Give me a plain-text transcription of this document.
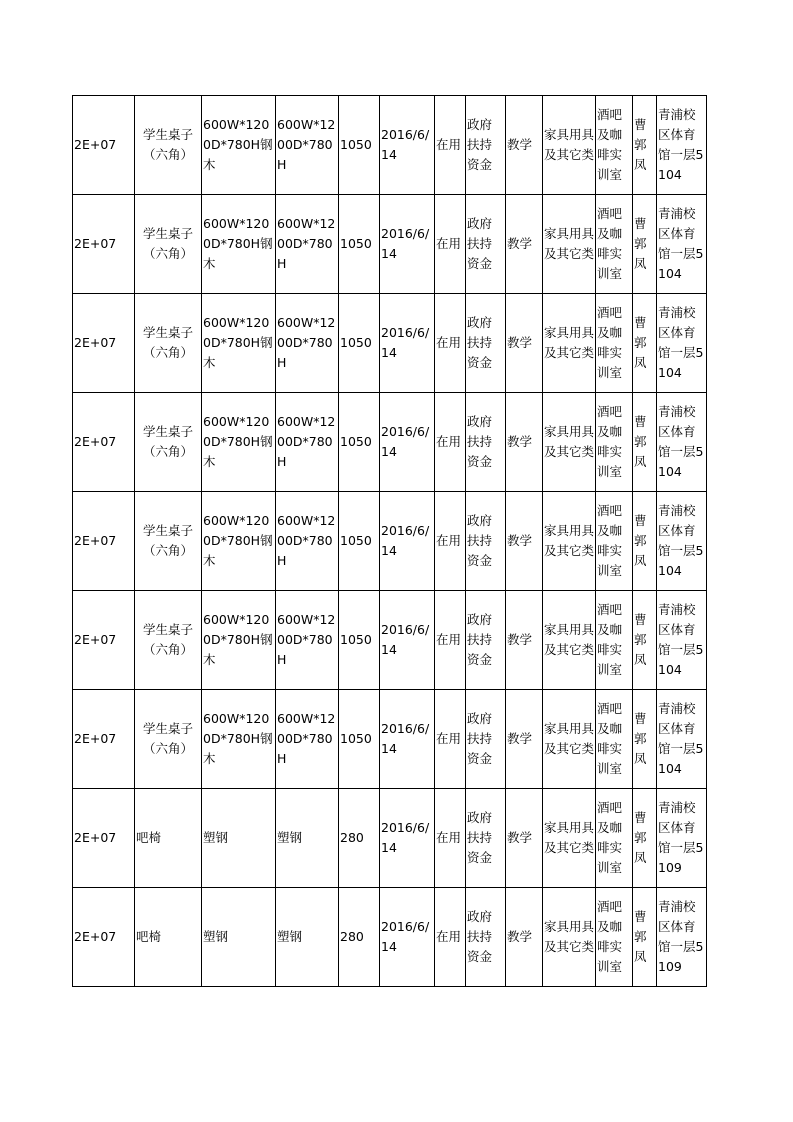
2E+07	学生桌子（六角）	600W*1200D*780H钢木	600W*1200D*780H	1050	2016/6/14	在用	政府扶持资金	教学	家具用具及其它类	酒吧及咖啡实训室	曹郭凤	青浦校区体育馆一层5104
2E+07	学生桌子（六角）	600W*1200D*780H钢木	600W*1200D*780H	1050	2016/6/14	在用	政府扶持资金	教学	家具用具及其它类	酒吧及咖啡实训室	曹郭凤	青浦校区体育馆一层5104
2E+07	学生桌子（六角）	600W*1200D*780H钢木	600W*1200D*780H	1050	2016/6/14	在用	政府扶持资金	教学	家具用具及其它类	酒吧及咖啡实训室	曹郭凤	青浦校区体育馆一层5104
2E+07	学生桌子（六角）	600W*1200D*780H钢木	600W*1200D*780H	1050	2016/6/14	在用	政府扶持资金	教学	家具用具及其它类	酒吧及咖啡实训室	曹郭凤	青浦校区体育馆一层5104
2E+07	学生桌子（六角）	600W*1200D*780H钢木	600W*1200D*780H	1050	2016/6/14	在用	政府扶持资金	教学	家具用具及其它类	酒吧及咖啡实训室	曹郭凤	青浦校区体育馆一层5104
2E+07	学生桌子（六角）	600W*1200D*780H钢木	600W*1200D*780H	1050	2016/6/14	在用	政府扶持资金	教学	家具用具及其它类	酒吧及咖啡实训室	曹郭凤	青浦校区体育馆一层5104
2E+07	学生桌子（六角）	600W*1200D*780H钢木	600W*1200D*780H	1050	2016/6/14	在用	政府扶持资金	教学	家具用具及其它类	酒吧及咖啡实训室	曹郭凤	青浦校区体育馆一层5104
2E+07	吧椅	塑钢	塑钢	280	2016/6/14	在用	政府扶持资金	教学	家具用具及其它类	酒吧及咖啡实训室	曹郭凤	青浦校区体育馆一层5109
2E+07	吧椅	塑钢	塑钢	280	2016/6/14	在用	政府扶持资金	教学	家具用具及其它类	酒吧及咖啡实训室	曹郭凤	青浦校区体育馆一层5109
